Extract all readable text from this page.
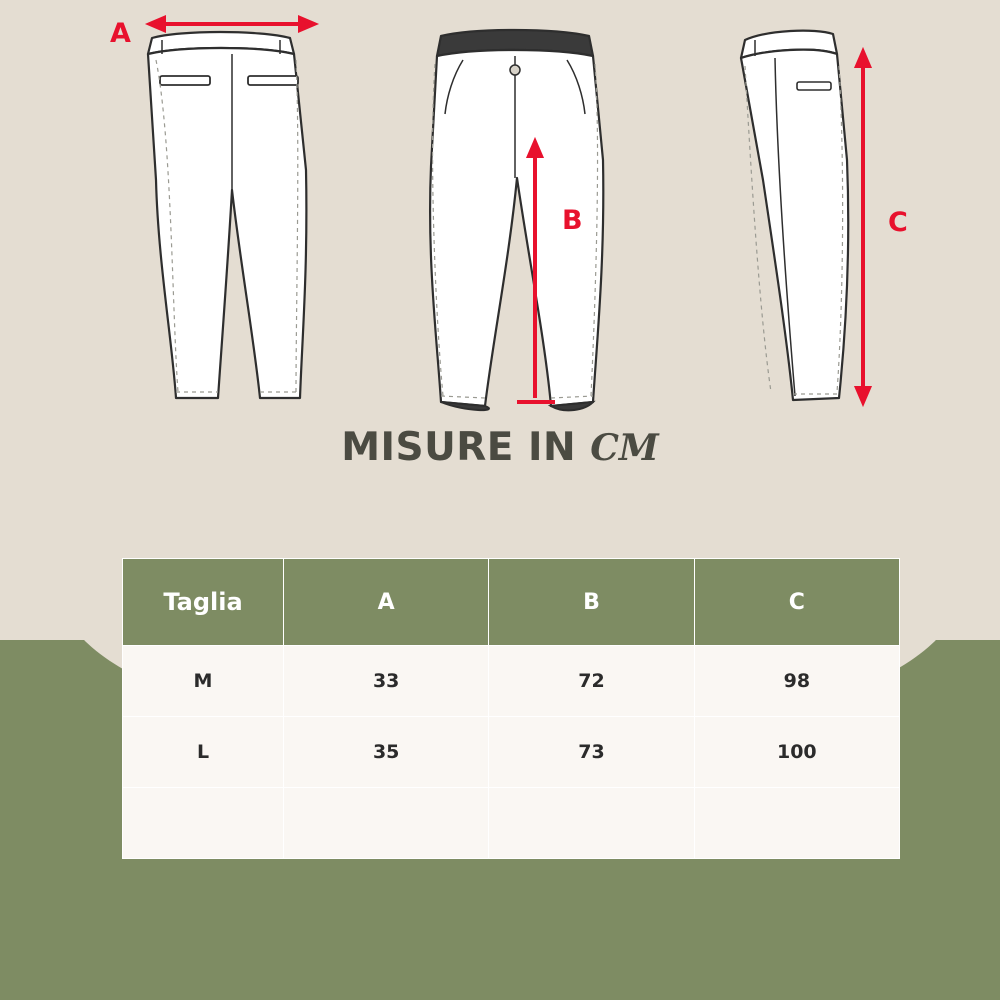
A
B	C
MISURE IN CM
Taglia	A	B	C
M	33	72	98
L	35	73	100
